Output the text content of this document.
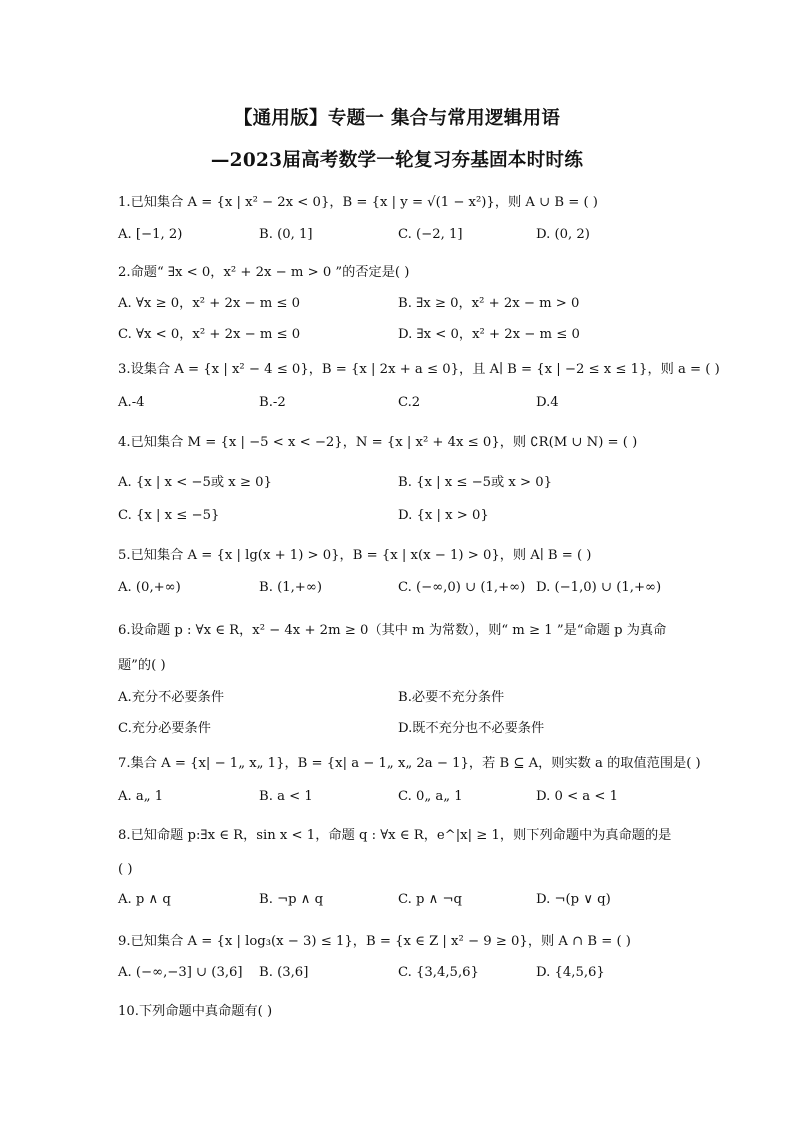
【通用版】专题一 集合与常用逻辑用语
—2023届高考数学一轮复习夯基固本时时练
1.已知集合 A = {x | x² − 2x < 0}，B = {x | y = √(1 − x²)}，则 A ∪ B = ( )
A. [−1, 2)	B. (0, 1]	C. (−2, 1]	D. (0, 2)
2.命题“ ∃x < 0，x² + 2x − m > 0 ”的否定是( )
A. ∀x ≥ 0，x² + 2x − m ≤ 0	B. ∃x ≥ 0，x² + 2x − m > 0
C. ∀x < 0，x² + 2x − m ≤ 0	D. ∃x < 0，x² + 2x − m ≤ 0
3.设集合 A = {x | x² − 4 ≤ 0}，B = {x | 2x + a ≤ 0}，且 A∣ B = {x | −2 ≤ x ≤ 1}，则 a = ( )
A.-4	B.-2	C.2	D.4
4.已知集合 M = {x | −5 < x < −2}，N = {x | x² + 4x ≤ 0}，则 ∁R(M ∪ N) = ( )
A. {x | x < −5或 x ≥ 0}	B. {x | x ≤ −5或 x > 0}
C. {x | x ≤ −5}	D. {x | x > 0}
5.已知集合 A = {x | lg(x + 1) > 0}，B = {x | x(x − 1) > 0}，则 A∣ B = ( )
A. (0,+∞)	B. (1,+∞)	C. (−∞,0) ∪ (1,+∞) D. (−1,0) ∪ (1,+∞)
6.设命题 p : ∀x ∈ R，x² − 4x + 2m ≥ 0（其中 m 为常数），则“ m ≥ 1 ”是“命题 p 为真命
题”的( )
A.充分不必要条件	B.必要不充分条件
C.充分必要条件	D.既不充分也不必要条件
7.集合 A = {x| − 1„ x„ 1}，B = {x| a − 1„ x„ 2a − 1}，若 B ⊆ A，则实数 a 的取值范围是( )
A. a„ 1	B. a < 1	C. 0„ a„ 1	D. 0 < a < 1
8.已知命题 p:∃x ∈ R，sin x < 1，命题 q : ∀x ∈ R，e^|x| ≥ 1，则下列命题中为真命题的是
( )
A. p ∧ q	B. ¬p ∧ q	C. p ∧ ¬q	D. ¬(p ∨ q)
9.已知集合 A = {x | log₃(x − 3) ≤ 1}，B = {x ∈ Z | x² − 9 ≥ 0}，则 A ∩ B = ( )
A. (−∞,−3] ∪ (3,6] B. (3,6]	C. {3,4,5,6}	D. {4,5,6}
10.下列命题中真命题有( )
